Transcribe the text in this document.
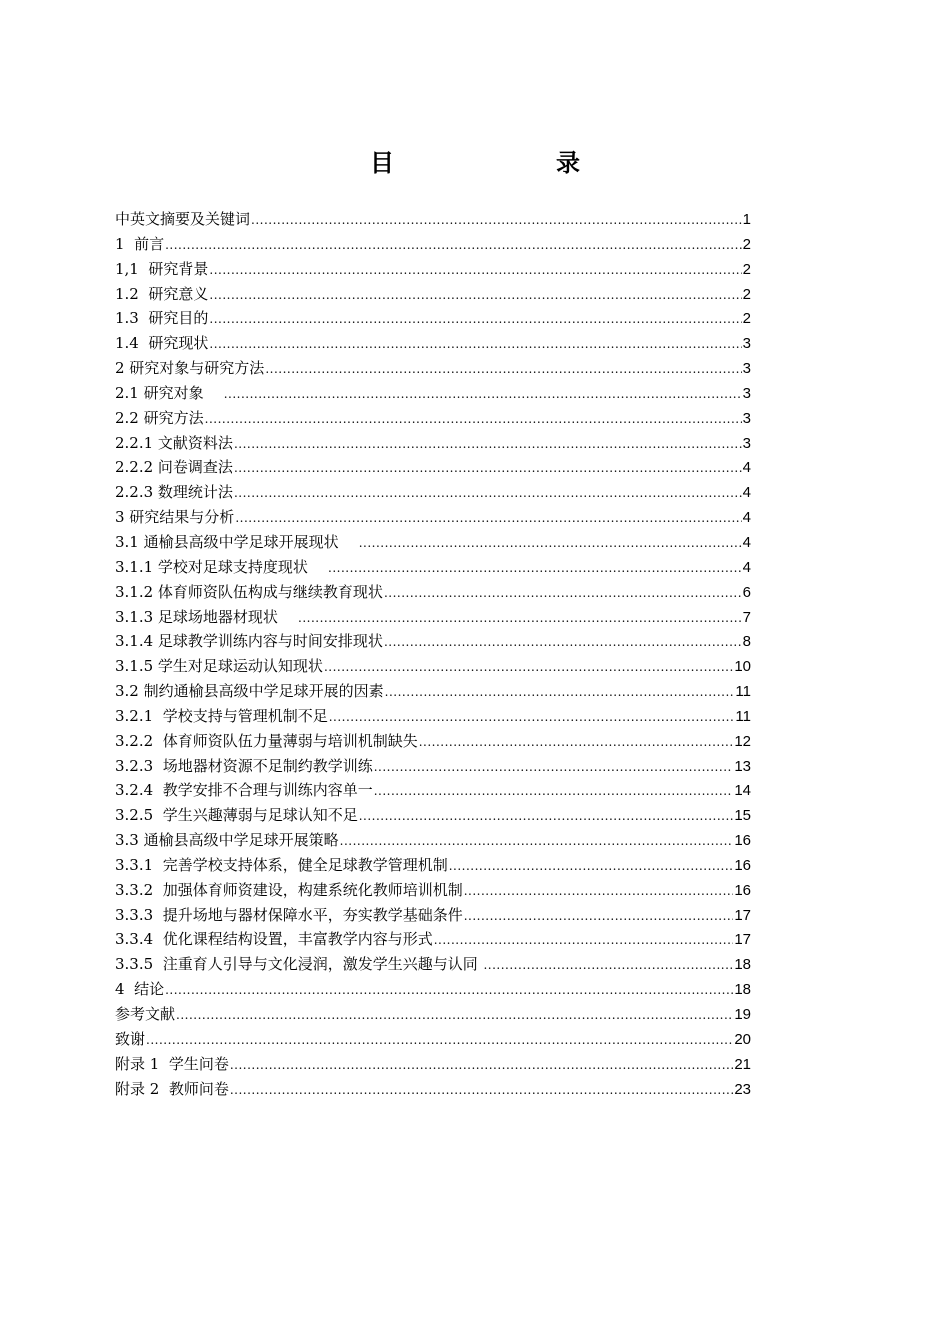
目　　录
中英文摘要及关键词 .....	1
1  前言 .....	2
1,1  研究背景 .....	2
1.2  研究意义 .....	2
1.3  研究目的 .....	2
1.4  研究现状 .....	3
2 研究对象与研究方法 .....	3
2.1 研究对象 .....	3
2.2 研究方法 .....	3
2.2.1 文献资料法 .....	3
2.2.2 问卷调查法 .....	4
2.2.3 数理统计法 .....	4
3 研究结果与分析 .....	4
3.1 通榆县高级中学足球开展现状 .....	4
3.1.1 学校对足球支持度现状 .....	4
3.1.2 体育师资队伍构成与继续教育现状 .....	6
3.1.3 足球场地器材现状 .....	7
3.1.4 足球教学训练内容与时间安排现状 .....	8
3.1.5 学生对足球运动认知现状 .....	10
3.2 制约通榆县高级中学足球开展的因素 .....	11
3.2.1  学校支持与管理机制不足 .....	11
3.2.2  体育师资队伍力量薄弱与培训机制缺失 .....	12
3.2.3  场地器材资源不足制约教学训练 .....	13
3.2.4  教学安排不合理与训练内容单一 .....	14
3.2.5  学生兴趣薄弱与足球认知不足 .....	15
3.3 通榆县高级中学足球开展策略 .....	16
3.3.1  完善学校支持体系，健全足球教学管理机制 .....	16
3.3.2  加强体育师资建设，构建系统化教师培训机制 .....	16
3.3.3  提升场地与器材保障水平，夯实教学基础条件 .....	17
3.3.4  优化课程结构设置，丰富教学内容与形式 .....	17
3.3.5  注重育人引导与文化浸润，激发学生兴趣与认同 .....	18
4  结论 .....	18
参考文献 .....	19
致谢 .....	20
附录 1  学生问卷 .....	21
附录 2  教师问卷 .....	23
